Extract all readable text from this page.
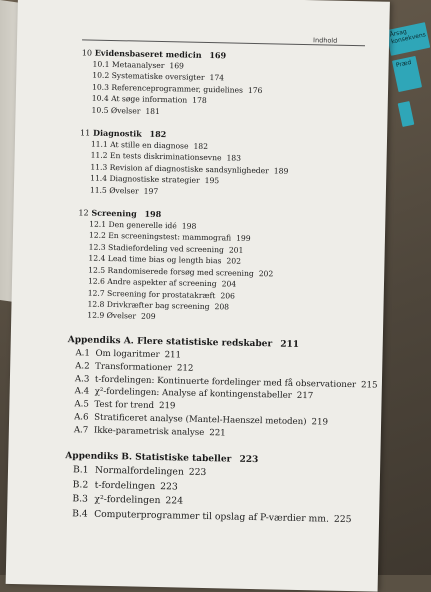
Årsag konsekvens
Præd
Indhold
10 Evidensbaseret medicin 169
10.1 Metaanalyser 169
10.2 Systematiske oversigter 174
10.3 Referenceprogrammer, guidelines 176
10.4 At søge information 178
10.5 Øvelser 181
11 Diagnostik 182
11.1 At stille en diagnose 182
11.2 En tests diskriminationsevne 183
11.3 Revision af diagnostiske sandsynligheder 189
11.4 Diagnostiske strategier 195
11.5 Øvelser 197
12 Screening 198
12.1 Den generelle idé 198
12.2 En screeningstest: mammografi 199
12.3 Stadiefordeling ved screening 201
12.4 Lead time bias og length bias 202
12.5 Randomiserede forsøg med screening 202
12.6 Andre aspekter af screening 204
12.7 Screening for prostatakræft 206
12.8 Drivkræfter bag screening 208
12.9 Øvelser 209
Appendiks A. Flere statistiske redskaber 211
A.1 Om logaritmer 211
A.2 Transformationer 212
A.3 t-fordelingen: Kontinuerte fordelinger med få observationer 215
A.4 χ²-fordelingen: Analyse af kontingenstabeller 217
A.5 Test for trend 219
A.6 Stratificeret analyse (Mantel-Haenszel metoden) 219
A.7 Ikke-parametrisk analyse 221
Appendiks B. Statistiske tabeller 223
B.1 Normalfordelingen 223
B.2 t-fordelingen 223
B.3 χ²-fordelingen 224
B.4 Computerprogrammer til opslag af P-værdier mm. 225
